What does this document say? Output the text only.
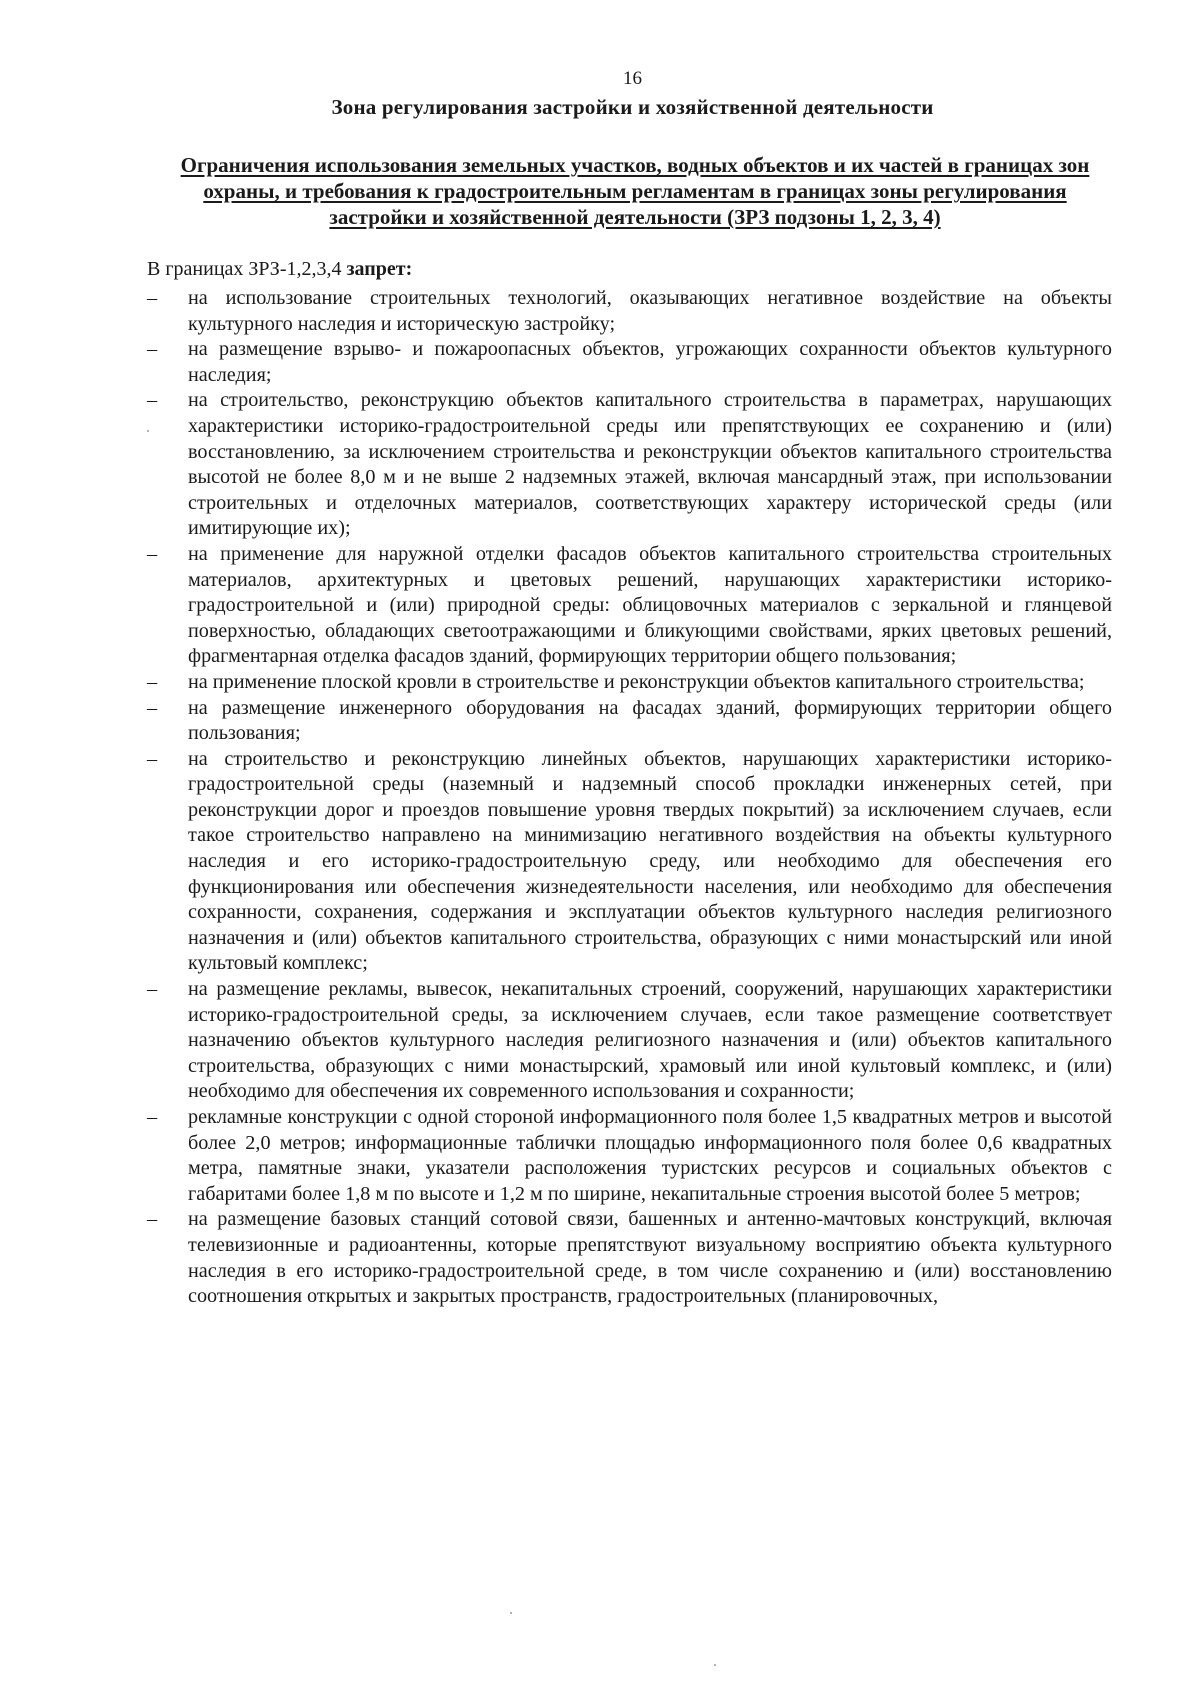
16
Зона регулирования застройки и хозяйственной деятельности
Ограничения использования земельных участков, водных объектов и их частей в границах зон охраны, и требования к градостроительным регламентам в границах зоны регулирования застройки и хозяйственной деятельности (ЗРЗ подзоны 1, 2, 3, 4)
В границах ЗРЗ-1,2,3,4 запрет:
–	на использование строительных технологий, оказывающих негативное воздействие на объекты культурного наследия и историческую застройку;
–	на размещение взрыво- и пожароопасных объектов, угрожающих сохранности объектов культурного наследия;
–	на строительство, реконструкцию объектов капитального строительства в параметрах, нарушающих характеристики историко-градостроительной среды или препятствующих ее сохранению и (или) восстановлению, за исключением строительства и реконструкции объектов капитального строительства высотой не более 8,0 м и не выше 2 надземных этажей, включая мансардный этаж, при использовании строительных и отделочных материалов, соответствующих характеру исторической среды (или имитирующие их);
–	на применение для наружной отделки фасадов объектов капитального строительства строительных материалов, архитектурных и цветовых решений, нарушающих характеристики историко-градостроительной и (или) природной среды: облицовочных материалов с зеркальной и глянцевой поверхностью, обладающих светоотражающими и бликующими свойствами, ярких цветовых решений, фрагментарная отделка фасадов зданий, формирующих территории общего пользования;
–	на применение плоской кровли в строительстве и реконструкции объектов капитального строительства;
–	на размещение инженерного оборудования на фасадах зданий, формирующих территории общего пользования;
–	на строительство и реконструкцию линейных объектов, нарушающих характеристики историко-градостроительной среды (наземный и надземный способ прокладки инженерных сетей, при реконструкции дорог и проездов повышение уровня твердых покрытий) за исключением случаев, если такое строительство направлено на минимизацию негативного воздействия на объекты культурного наследия и его историко-градостроительную среду, или необходимо для обеспечения его функционирования или обеспечения жизнедеятельности населения, или необходимо для обеспечения сохранности, сохранения, содержания и эксплуатации объектов культурного наследия религиозного назначения и (или) объектов капитального строительства, образующих с ними монастырский или иной культовый комплекс;
–	на размещение рекламы, вывесок, некапитальных строений, сооружений, нарушающих характеристики историко-градостроительной среды, за исключением случаев, если такое размещение соответствует назначению объектов культурного наследия религиозного назначения и (или) объектов капитального строительства, образующих с ними монастырский, храмовый или иной культовый комплекс, и (или) необходимо для обеспечения их современного использования и сохранности;
–	рекламные конструкции с одной стороной информационного поля более 1,5 квадратных метров и высотой более 2,0 метров; информационные таблички площадью информационного поля более 0,6 квадратных метра, памятные знаки, указатели расположения туристских ресурсов и социальных объектов с габаритами более 1,8 м по высоте и 1,2 м по ширине, некапитальные строения высотой более 5 метров;
–	на размещение базовых станций сотовой связи, башенных и антенно-мачтовых конструкций, включая телевизионные и радиоантенны, которые препятствуют визуальному восприятию объекта культурного наследия в его историко-градостроительной среде, в том числе сохранению и (или) восстановлению соотношения открытых и закрытых пространств, градостроительных (планировочных,
